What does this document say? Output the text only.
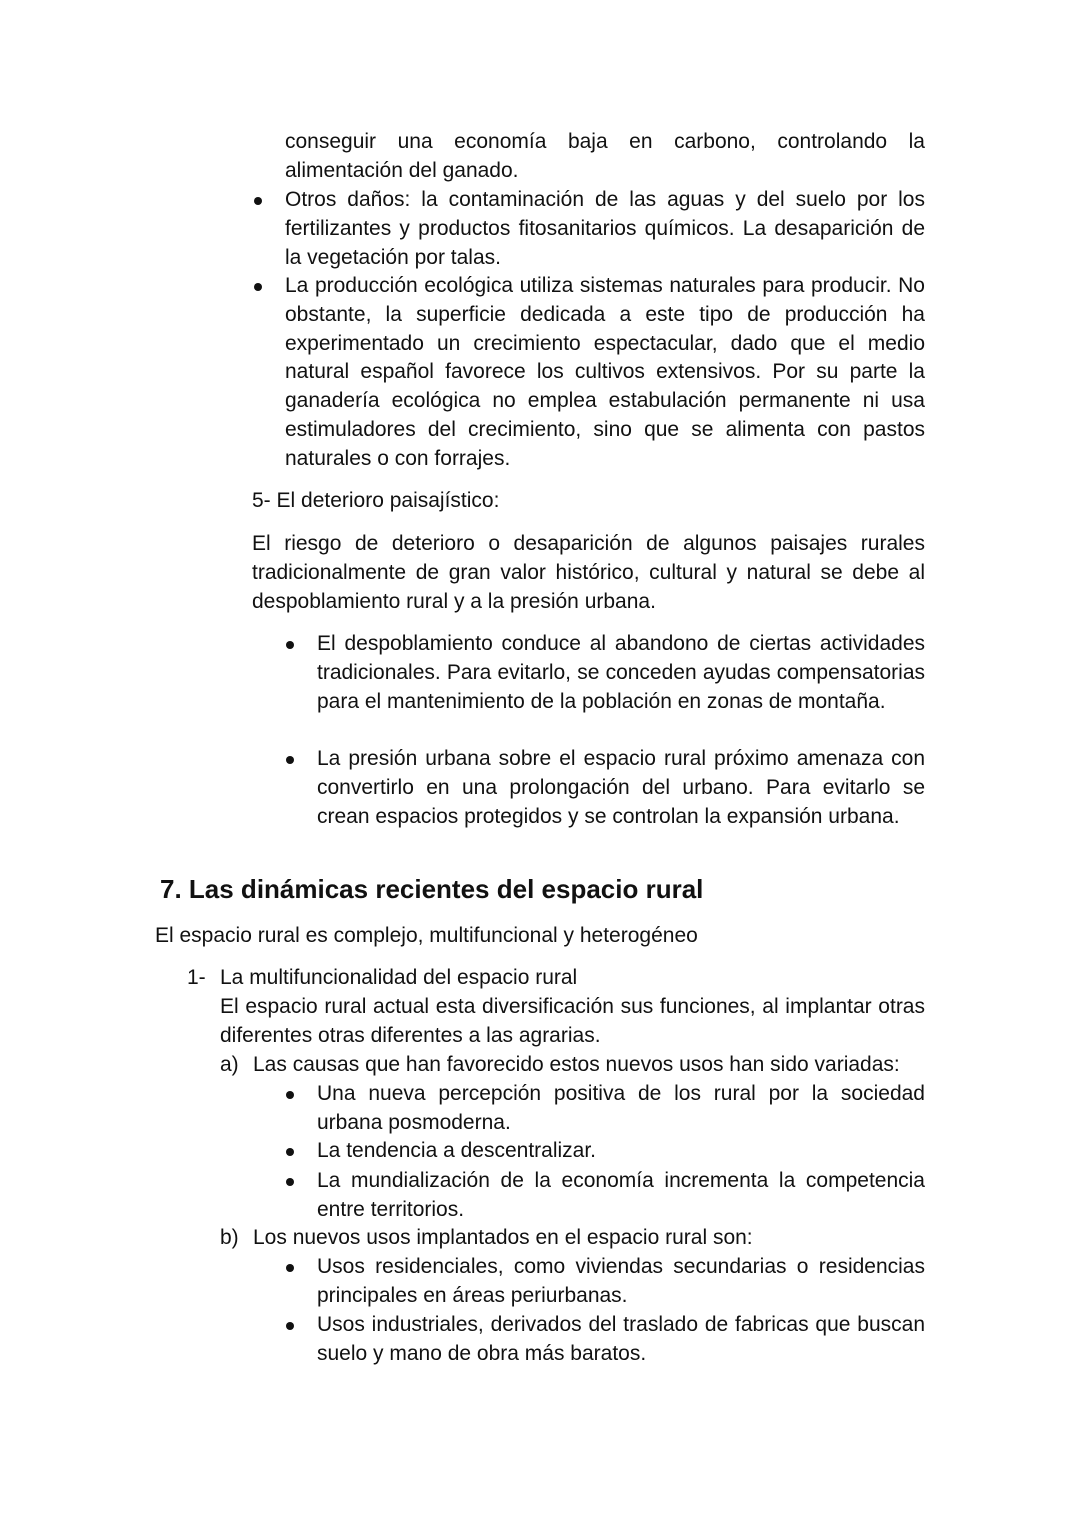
conseguir una economía baja en carbono, controlando la alimentación del ganado.

Otros daños: la contaminación de las aguas y del suelo por los fertilizantes y productos fitosanitarios químicos. La desaparición de la vegetación por talas.

La producción ecológica utiliza sistemas naturales para producir. No obstante, la superficie dedicada a este tipo de producción ha experimentado un crecimiento espectacular, dado que el medio natural español favorece los cultivos extensivos. Por su parte la ganadería ecológica no emplea estabulación permanente ni usa estimuladores del crecimiento, sino que se alimenta con pastos naturales o con forrajes.

5- El deterioro paisajístico:

El riesgo de deterioro o desaparición de algunos paisajes rurales tradicionalmente de gran valor histórico, cultural y natural se debe al despoblamiento rural y a la presión urbana.

El despoblamiento conduce al abandono de ciertas actividades tradicionales. Para evitarlo, se conceden ayudas compensatorias para el mantenimiento de la población en zonas de montaña.

La presión urbana sobre el espacio rural próximo amenaza con convertirlo en una prolongación del urbano. Para evitarlo se crean espacios protegidos y se controlan la expansión urbana.

7. Las dinámicas recientes del espacio rural

El espacio rural es complejo, multifuncional y heterogéneo

1- La multifuncionalidad del espacio rural

El espacio rural actual esta diversificación sus funciones, al implantar otras diferentes otras diferentes a las agrarias.

a) Las causas que han favorecido estos nuevos usos han sido variadas:

Una nueva percepción positiva de los rural por la sociedad urbana posmoderna.

La tendencia a descentralizar.

La mundialización de la economía incrementa la competencia entre territorios.

b) Los nuevos usos implantados en el espacio rural son:

Usos residenciales, como viviendas secundarias o residencias principales en áreas periurbanas.

Usos industriales, derivados del traslado de fabricas que buscan suelo y mano de obra más baratos.
